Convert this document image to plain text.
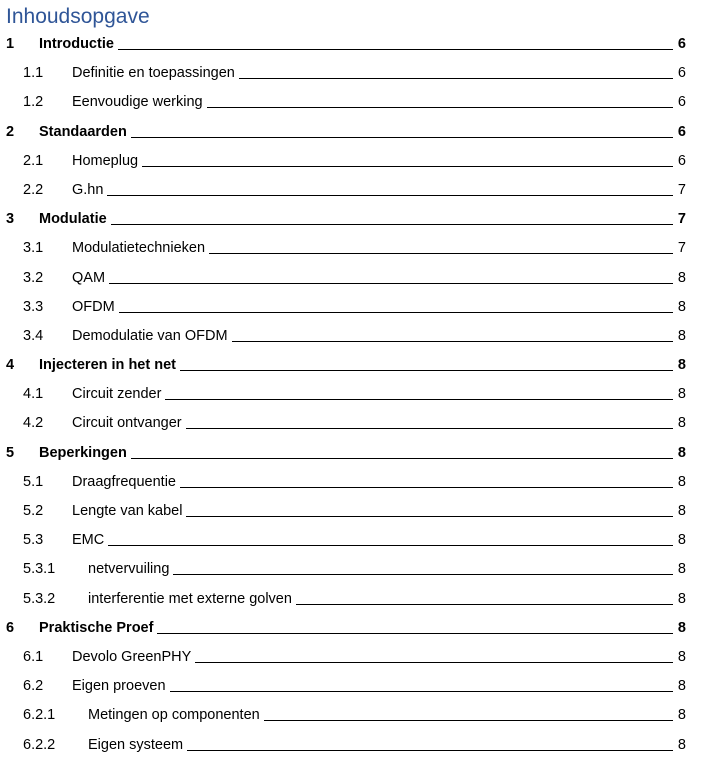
Inhoudsopgave
1 Introductie	6
1.1 Definitie en toepassingen	6
1.2 Eenvoudige werking	6
2 Standaarden	6
2.1 Homeplug	6
2.2 G.hn	7
3 Modulatie	7
3.1 Modulatietechnieken	7
3.2 QAM	8
3.3 OFDM	8
3.4 Demodulatie van OFDM	8
4 Injecteren in het net	8
4.1 Circuit zender	8
4.2 Circuit ontvanger	8
5 Beperkingen	8
5.1 Draagfrequentie	8
5.2 Lengte van kabel	8
5.3 EMC	8
5.3.1 netvervuiling	8
5.3.2 interferentie met externe golven	8
6 Praktische Proef	8
6.1 Devolo GreenPHY	8
6.2 Eigen proeven	8
6.2.1 Metingen op componenten	8
6.2.2 Eigen systeem	8
